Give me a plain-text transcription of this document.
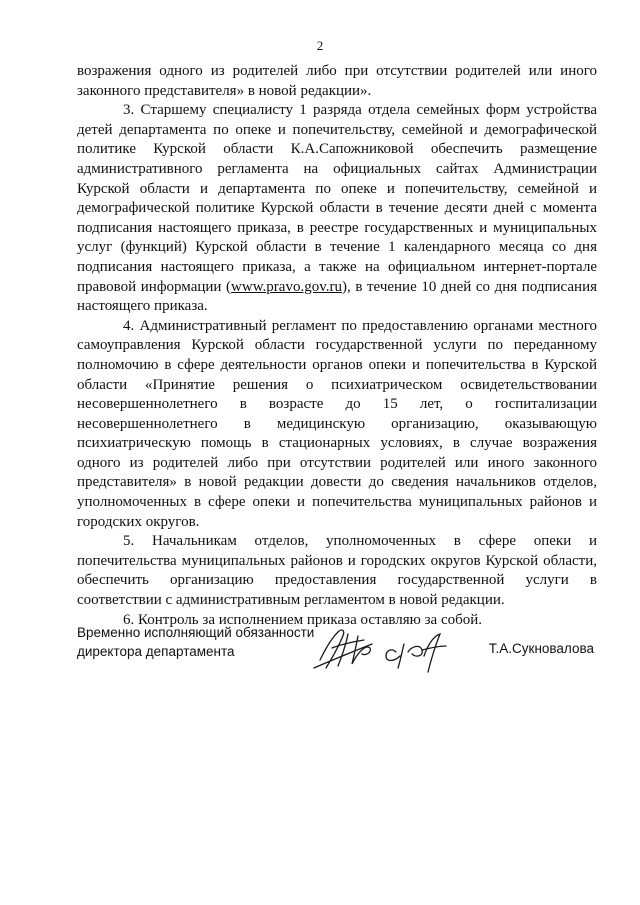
2

возражения одного из родителей либо при отсутствии родителей или иного законного представителя» в новой редакции».

3. Старшему специалисту 1 разряда отдела семейных форм устройства детей департамента по опеке и попечительству, семейной и демографической политике Курской области К.А.Сапожниковой обеспечить размещение административного регламента на официальных сайтах Администрации Курской области и департамента по опеке и попечительству, семейной и демографической политике Курской области в течение десяти дней с момента подписания настоящего приказа, в реестре государственных и муниципальных услуг (функций) Курской области в течение 1 календарного месяца со дня подписания настоящего приказа, а также на официальном интернет-портале правовой информации (www.pravo.gov.ru), в течение 10 дней со дня подписания настоящего приказа.

4. Административный регламент по предоставлению органами местного самоуправления Курской области государственной услуги по переданному полномочию в сфере деятельности органов опеки и попечительства в Курской области «Принятие решения о психиатрическом освидетельствовании несовершеннолетнего в возрасте до 15 лет, о госпитализации несовершеннолетнего в медицинскую организацию, оказывающую психиатрическую помощь в стационарных условиях, в случае возражения одного из родителей либо при отсутствии родителей или иного законного представителя» в новой редакции довести до сведения начальников отделов, уполномоченных в сфере опеки и попечительства муниципальных районов и городских округов.

5. Начальникам отделов, уполномоченных в сфере опеки и попечительства муниципальных районов и городских округов Курской области, обеспечить организацию предоставления государственной услуги в соответствии с административным регламентом в новой редакции.

6. Контроль за исполнением приказа оставляю за собой.

Временно исполняющий обязанности
директора департамента	Т.А.Сукновалова
